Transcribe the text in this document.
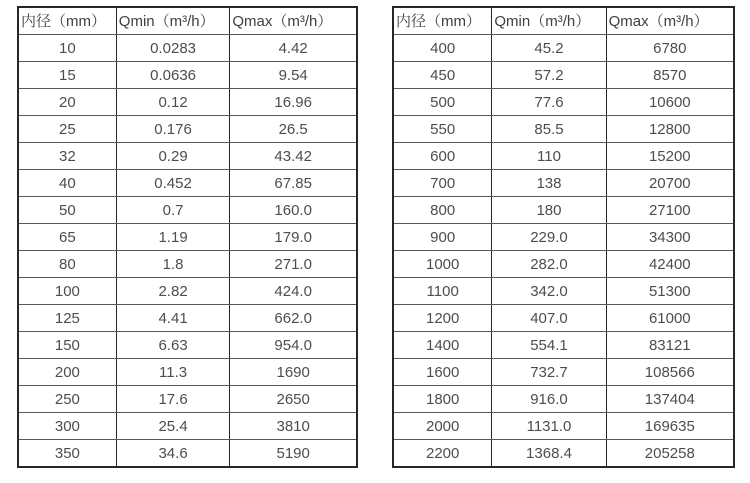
内径（mm）	Qmin（m³/h）	Qmax（m³/h）
10	0.0283	4.42
15	0.0636	9.54
20	0.12	16.96
25	0.176	26.5
32	0.29	43.42
40	0.452	67.85
50	0.7	160.0
65	1.19	179.0
80	1.8	271.0
100	2.82	424.0
125	4.41	662.0
150	6.63	954.0
200	11.3	1690
250	17.6	2650
300	25.4	3810
350	34.6	5190
内径（mm）	Qmin（m³/h）	Qmax（m³/h）
400	45.2	6780
450	57.2	8570
500	77.6	10600
550	85.5	12800
600	110	15200
700	138	20700
800	180	27100
900	229.0	34300
1000	282.0	42400
1100	342.0	51300
1200	407.0	61000
1400	554.1	83121
1600	732.7	108566
1800	916.0	137404
2000	1131.0	169635
2200	1368.4	205258
